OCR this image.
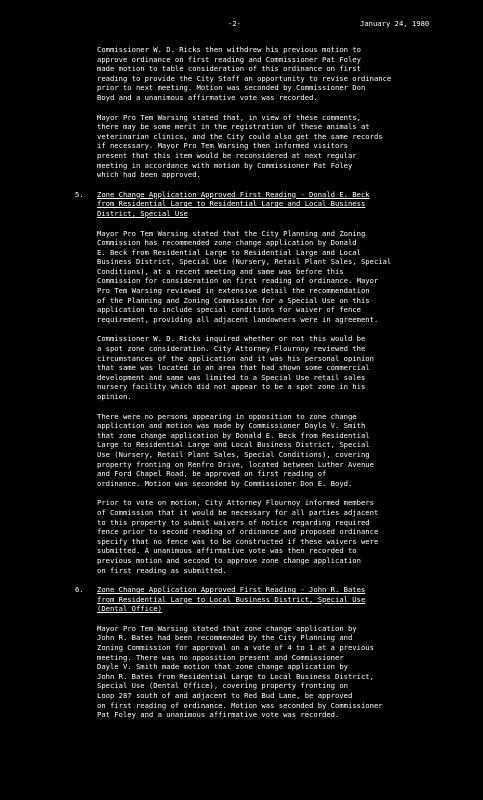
-2-	January 24, 1980

Commissioner W. D. Ricks then withdrew his previous motion to
approve ordinance on first reading and Commissioner Pat Foley
made motion to table consideration of this ordinance on first
reading to provide the City Staff an opportunity to revise ordinance
prior to next meeting. Motion was seconded by Commissioner Don
Boyd and a unanimous affirmative vote was recorded.

Mayor Pro Tem Warsing stated that, in view of these comments,
there may be some merit in the registration of these animals at
veterinarian clinics, and the City could also get the same records
if necessary. Mayor Pro Tem Warsing then informed visitors
present that this item would be reconsidered at next regular
meeting in accordance with motion by Commissioner Pat Foley
which had been approved.

5. Zone Change Application Approved First Reading - Donald E. Beck
from Residential Large to Residential Large and Local Business
District, Special Use

Mayor Pro Tem Warsing stated that the City Planning and Zoning
Commission has recommended zone change application by Donald
E. Beck from Residential Large to Residential Large and Local
Business District, Special Use (Nursery, Retail Plant Sales, Special
Conditions), at a recent meeting and same was before this
Commission for consideration on first reading of ordinance. Mayor
Pro Tem Warsing reviewed in extensive detail the recommendation
of the Planning and Zoning Commission for a Special Use on this
application to include special conditions for waiver of fence
requirement, providing all adjacent landowners were in agreement.

Commissioner W. D. Ricks inquired whether or not this would be
a spot zone consideration. City Attorney Flournoy reviewed the
circumstances of the application and it was his personal opinion
that same was located in an area that had shown some commercial
development and same was limited to a Special Use retail sales
nursery facility which did not appear to be a spot zone in his
opinion.

There were no persons appearing in opposition to zone change
application and motion was made by Commissioner Dayle V. Smith
that zone change application by Donald E. Beck from Residential
Large to Residential Large and Local Business District, Special
Use (Nursery, Retail Plant Sales, Special Conditions), covering
property fronting on Renfro Drive, located between Luther Avenue
and Ford Chapel Road, be approved on first reading of
ordinance. Motion was seconded by Commissioner Don E. Boyd.

Prior to vote on motion, City Attorney Flournoy informed members
of Commission that it would be necessary for all parties adjacent
to this property to submit waivers of notice regarding required
fence prior to second reading of ordinance and proposed ordinance
specify that no fence was to be constructed if these waivers were
submitted. A unanimous affirmative vote was then recorded to
previous motion and second to approve zone change application
on first reading as submitted.

6. Zone Change Application Approved First Reading - John R. Bates
from Residential Large to Local Business District, Special Use
(Dental Office)

Mayor Pro Tem Warsing stated that zone change application by
John R. Bates had been recommended by the City Planning and
Zoning Commission for approval on a vote of 4 to 1 at a previous
meeting. There was no opposition present and Commissioner
Dayle V. Smith made motion that zone change application by
John R. Bates from Residential Large to Local Business District,
Special Use (Dental Office), covering property fronting on
Loop 287 south of and adjacent to Red Bud Lane, be approved
on first reading of ordinance. Motion was seconded by Commissioner
Pat Foley and a unanimous affirmative vote was recorded.
